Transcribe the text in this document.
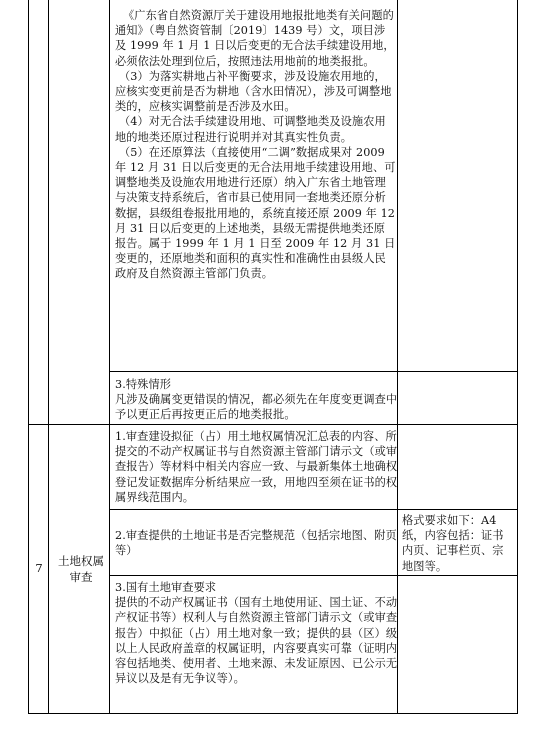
《广东省自然资源厅关于建设用地报批地类有关问题的通知》（粤自然资管制〔2019〕1439 号）文，项目涉及 1999 年 1 月 1 日以后变更的无合法手续建设用地，必须依法处理到位后，按照违法用地前的地类报批。

（3）为落实耕地占补平衡要求，涉及设施农用地的，应核实变更前是否为耕地（含水田情况），涉及可调整地类的，应核实调整前是否涉及水田。

（4）对无合法手续建设用地、可调整地类及设施农用地的地类还原过程进行说明并对其真实性负责。

（5）在还原算法（直接使用“二调”数据成果对 2009 年 12 月 31 日以后变更的无合法用地手续建设用地、可调整地类及设施农用地进行还原）纳入广东省土地管理与决策支持系统后，省市县已使用同一套地类还原分析数据，县级组卷报批用地的，系统直接还原 2009 年 12 月 31 日以后变更的上述地类，县级无需提供地类还原报告。属于 1999 年 1 月 1 日至 2009 年 12 月 31 日变更的，还原地类和面积的真实性和准确性由县级人民政府及自然资源主管部门负责。

3.特殊情形

凡涉及确属变更错误的情况，都必须先在年度变更调查中予以更正后再按更正后的地类报批。

7	土地权属审查
1.审查建设拟征（占）用土地权属情况汇总表的内容、所提交的不动产权属证书与自然资源主管部门请示文（或审查报告）等材料中相关内容应一致、与最新集体土地确权登记发证数据库分析结果应一致，用地四至须在证书的权属界线范围内。
2.审查提供的土地证书是否完整规范（包括宗地图、附页等）
格式要求如下：A4 纸，内容包括：证书内页、记事栏页、宗地图等。

3.国有土地审查要求

提供的不动产权属证书（国有土地使用证、国土证、不动产权证书等）权利人与自然资源主管部门请示文（或审查报告）中拟征（占）用土地对象一致；提供的县（区）级以上人民政府盖章的权属证明，内容要真实可靠（证明内容包括地类、使用者、土地来源、未发证原因、已公示无异议以及是有无争议等）。
